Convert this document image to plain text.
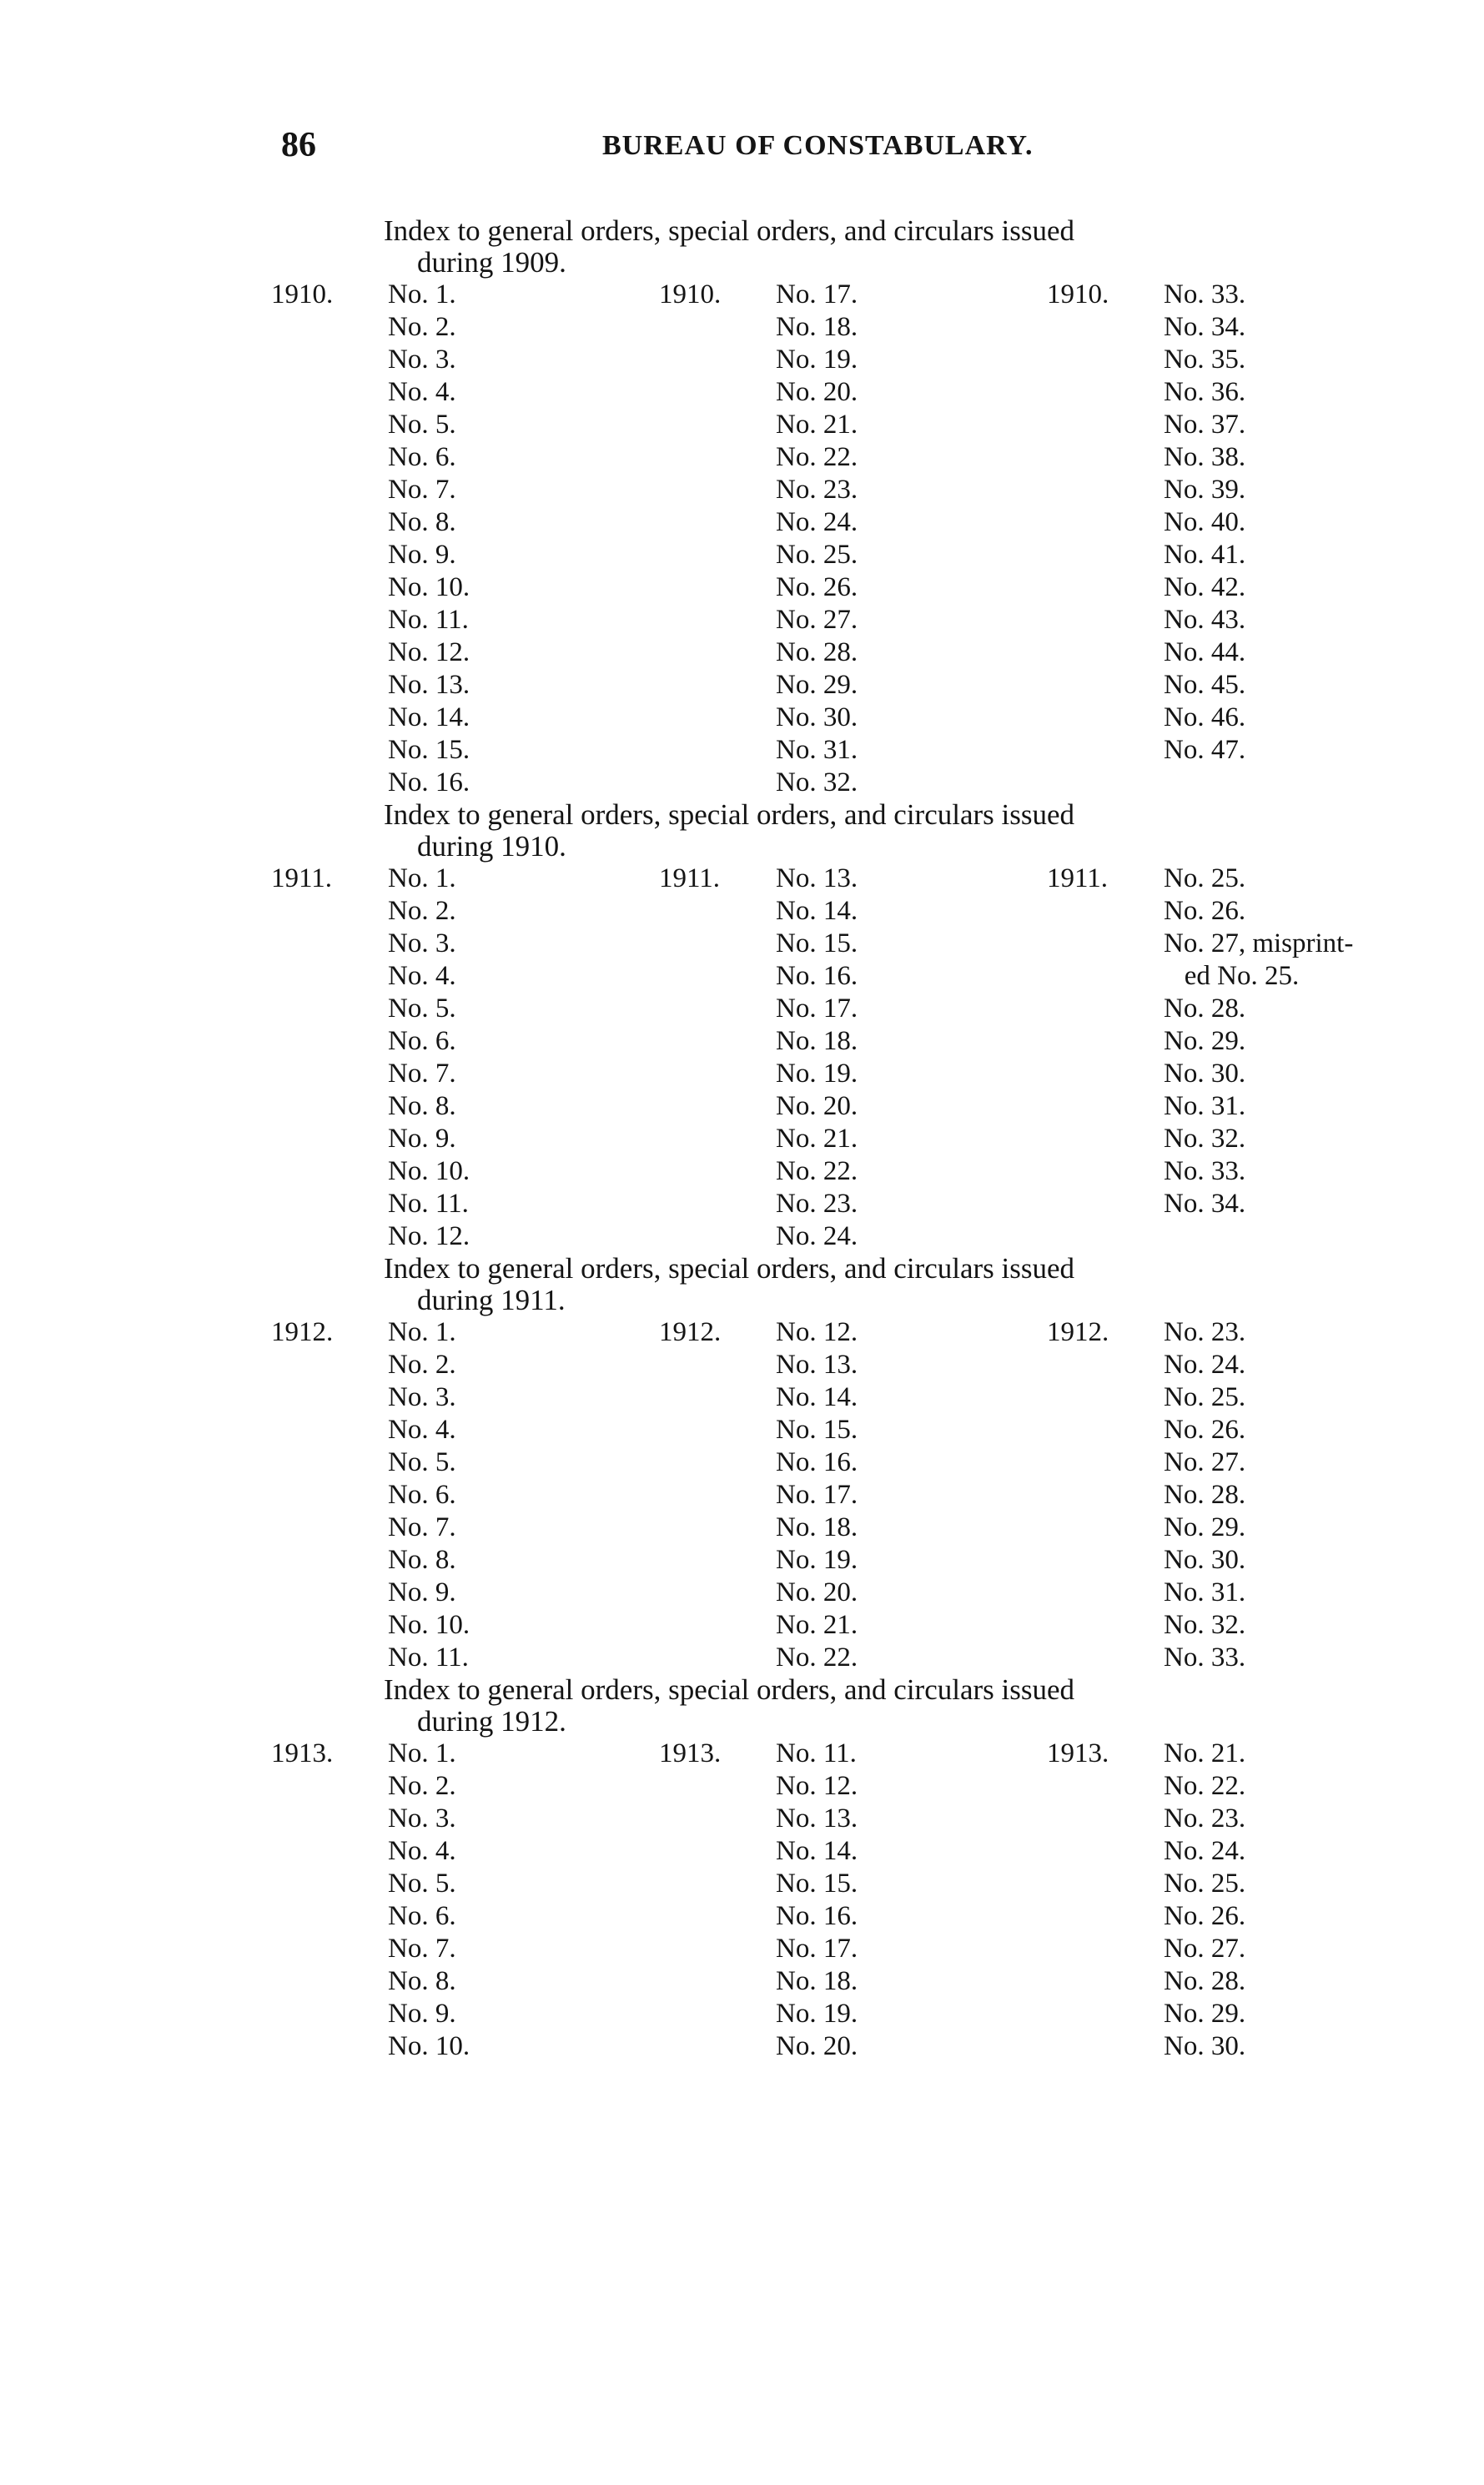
86	BUREAU OF CONSTABULARY.
Index to general orders, special orders, and circulars issued
during 1909.
1910. No. 1.
No. 2.
No. 3.
No. 4.
No. 5.
No. 6.
No. 7.
No. 8.
No. 9.
No. 10.
No. 11.
No. 12.
No. 13.
No. 14.
No. 15.
No. 16.
1910. No. 17.
No. 18.
No. 19.
No. 20.
No. 21.
No. 22.
No. 23.
No. 24.
No. 25.
No. 26.
No. 27.
No. 28.
No. 29.
No. 30.
No. 31.
No. 32.
1910. No. 33.
No. 34.
No. 35.
No. 36.
No. 37.
No. 38.
No. 39.
No. 40.
No. 41.
No. 42.
No. 43.
No. 44.
No. 45.
No. 46.
No. 47.
Index to general orders, special orders, and circulars issued
during 1910.
1911. No. 1.
No. 2.
No. 3.
No. 4.
No. 5.
No. 6.
No. 7.
No. 8.
No. 9.
No. 10.
No. 11.
No. 12.
1911. No. 13.
No. 14.
No. 15.
No. 16.
No. 17.
No. 18.
No. 19.
No. 20.
No. 21.
No. 22.
No. 23.
No. 24.
1911. No. 25.
No. 26.
No. 27, misprint-
ed No. 25.
No. 28.
No. 29.
No. 30.
No. 31.
No. 32.
No. 33.
No. 34.
Index to general orders, special orders, and circulars issued
during 1911.
1912. No. 1.
No. 2.
No. 3.
No. 4.
No. 5.
No. 6.
No. 7.
No. 8.
No. 9.
No. 10.
No. 11.
1912. No. 12.
No. 13.
No. 14.
No. 15.
No. 16.
No. 17.
No. 18.
No. 19.
No. 20.
No. 21.
No. 22.
1912. No. 23.
No. 24.
No. 25.
No. 26.
No. 27.
No. 28.
No. 29.
No. 30.
No. 31.
No. 32.
No. 33.
Index to general orders, special orders, and circulars issued
during 1912.
1913. No. 1.
No. 2.
No. 3.
No. 4.
No. 5.
No. 6.
No. 7.
No. 8.
No. 9.
No. 10.
1913. No. 11.
No. 12.
No. 13.
No. 14.
No. 15.
No. 16.
No. 17.
No. 18.
No. 19.
No. 20.
1913. No. 21.
No. 22.
No. 23.
No. 24.
No. 25.
No. 26.
No. 27.
No. 28.
No. 29.
No. 30.
